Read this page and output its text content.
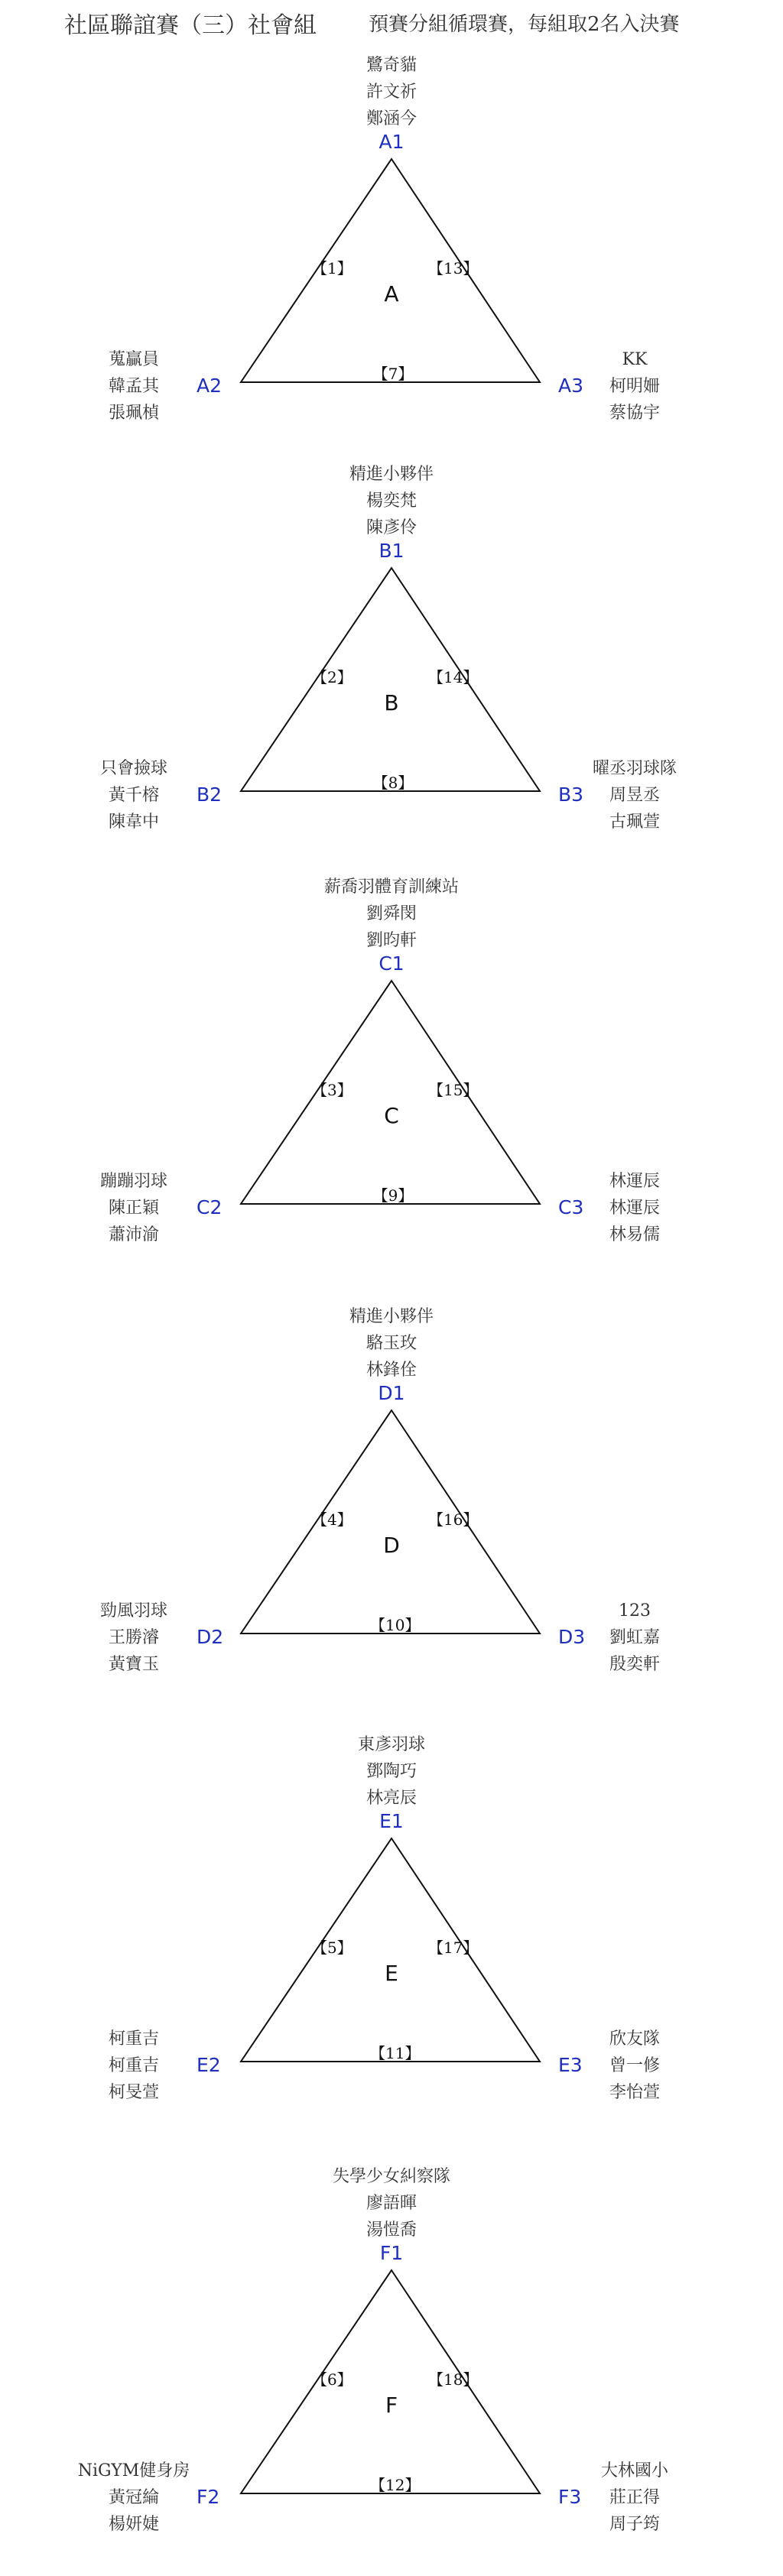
社區聯誼賽（三）社會組	預賽分組循環賽，每組取2名入決賽
鷺奇貓
許文祈
鄭涵今
A1
蒐贏員
韓孟其
張珮楨
A2
KK
柯明姍
蔡協宇
A3
【1】	【13】
【7】
A
精進小夥伴
楊奕梵
陳彥伶
B1
只會撿球
黃千榕
陳韋中
B2
曜丞羽球隊
周昱丞
古珮萱
B3
【2】	【14】
【8】
B
薪喬羽體育訓練站
劉舜閔
劉昀軒
C1
蹦蹦羽球
陳正穎
蕭沛渝
C2
林運辰
林運辰
林易儒
C3
【3】	【15】
【9】
C
精進小夥伴
駱玉玫
林鋒佺
D1
勁風羽球
王勝濬
黃寶玉
D2
123
劉虹嘉
殷奕軒
D3
【4】	【16】
【10】
D
東彥羽球
鄧陶巧
林亮辰
E1
柯重吉
柯重吉
柯旻萱
E2
欣友隊
曾一修
李怡萱
E3
【5】	【17】
【11】
E
失學少女糾察隊
廖語暉
湯愷喬
F1
NiGYM健身房
黃冠綸
楊妍婕
F2
大林國小
莊正得
周子筠
F3
【6】	【18】
【12】
F
